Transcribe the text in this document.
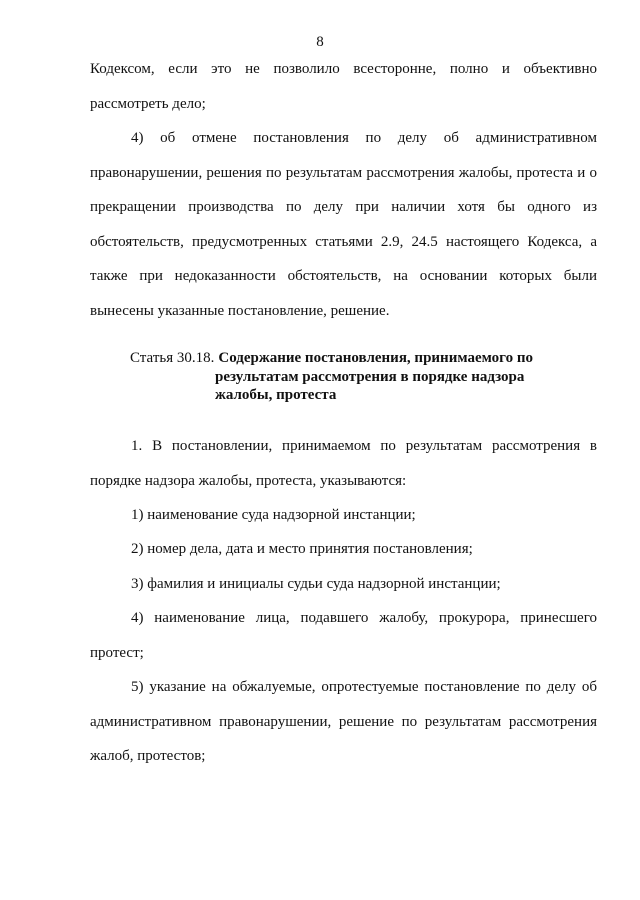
8
Кодексом, если это не позволило всесторонне, полно и объективно рассмотреть дело;
4) об отмене постановления по делу об административном правонарушении, решения по результатам рассмотрения жалобы, протеста и о прекращении производства по делу при наличии хотя бы одного из обстоятельств, предусмотренных статьями 2.9, 24.5 настоящего Кодекса, а также при недоказанности обстоятельств, на основании которых были вынесены указанные постановление, решение.
Статья 30.18. Содержание постановления, принимаемого по результатам рассмотрения в порядке надзора жалобы, протеста
1. В постановлении, принимаемом по результатам рассмотрения в порядке надзора жалобы, протеста, указываются:
1) наименование суда надзорной инстанции;
2) номер дела, дата и место принятия постановления;
3) фамилия и инициалы судьи суда надзорной инстанции;
4) наименование лица, подавшего жалобу, прокурора, принесшего протест;
5) указание на обжалуемые, опротестуемые постановление по делу об административном правонарушении, решение по результатам рассмотрения жалоб, протестов;
